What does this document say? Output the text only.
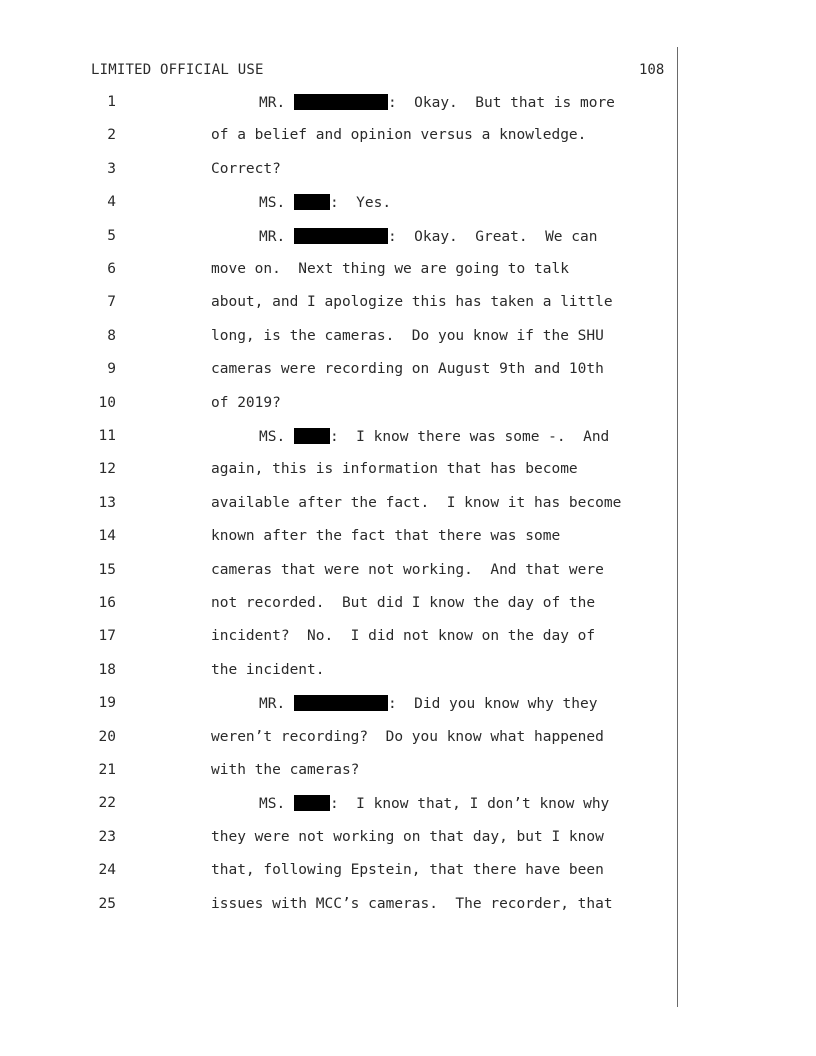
LIMITED OFFICIAL USE	108
1	MR.	:  Okay.  But that is more
2	of a belief and opinion versus a knowledge.
3	Correct?
4	MS.	:  Yes.
5	MR.	:  Okay.  Great.  We can
6	move on.  Next thing we are going to talk
7	about, and I apologize this has taken a little
8	long, is the cameras.  Do you know if the SHU
9	cameras were recording on August 9th and 10th
10	of 2019?
11	MS.	:  I know there was some -.  And
12	again, this is information that has become
13	available after the fact.  I know it has become
14	known after the fact that there was some
15	cameras that were not working.  And that were
16	not recorded.  But did I know the day of the
17	incident?  No.  I did not know on the day of
18	the incident.
19	MR.	:  Did you know why they
20	weren’t recording?  Do you know what happened
21	with the cameras?
22	MS.	:  I know that, I don’t know why
23	they were not working on that day, but I know
24	that, following Epstein, that there have been
25	issues with MCC’s cameras.  The recorder, that
